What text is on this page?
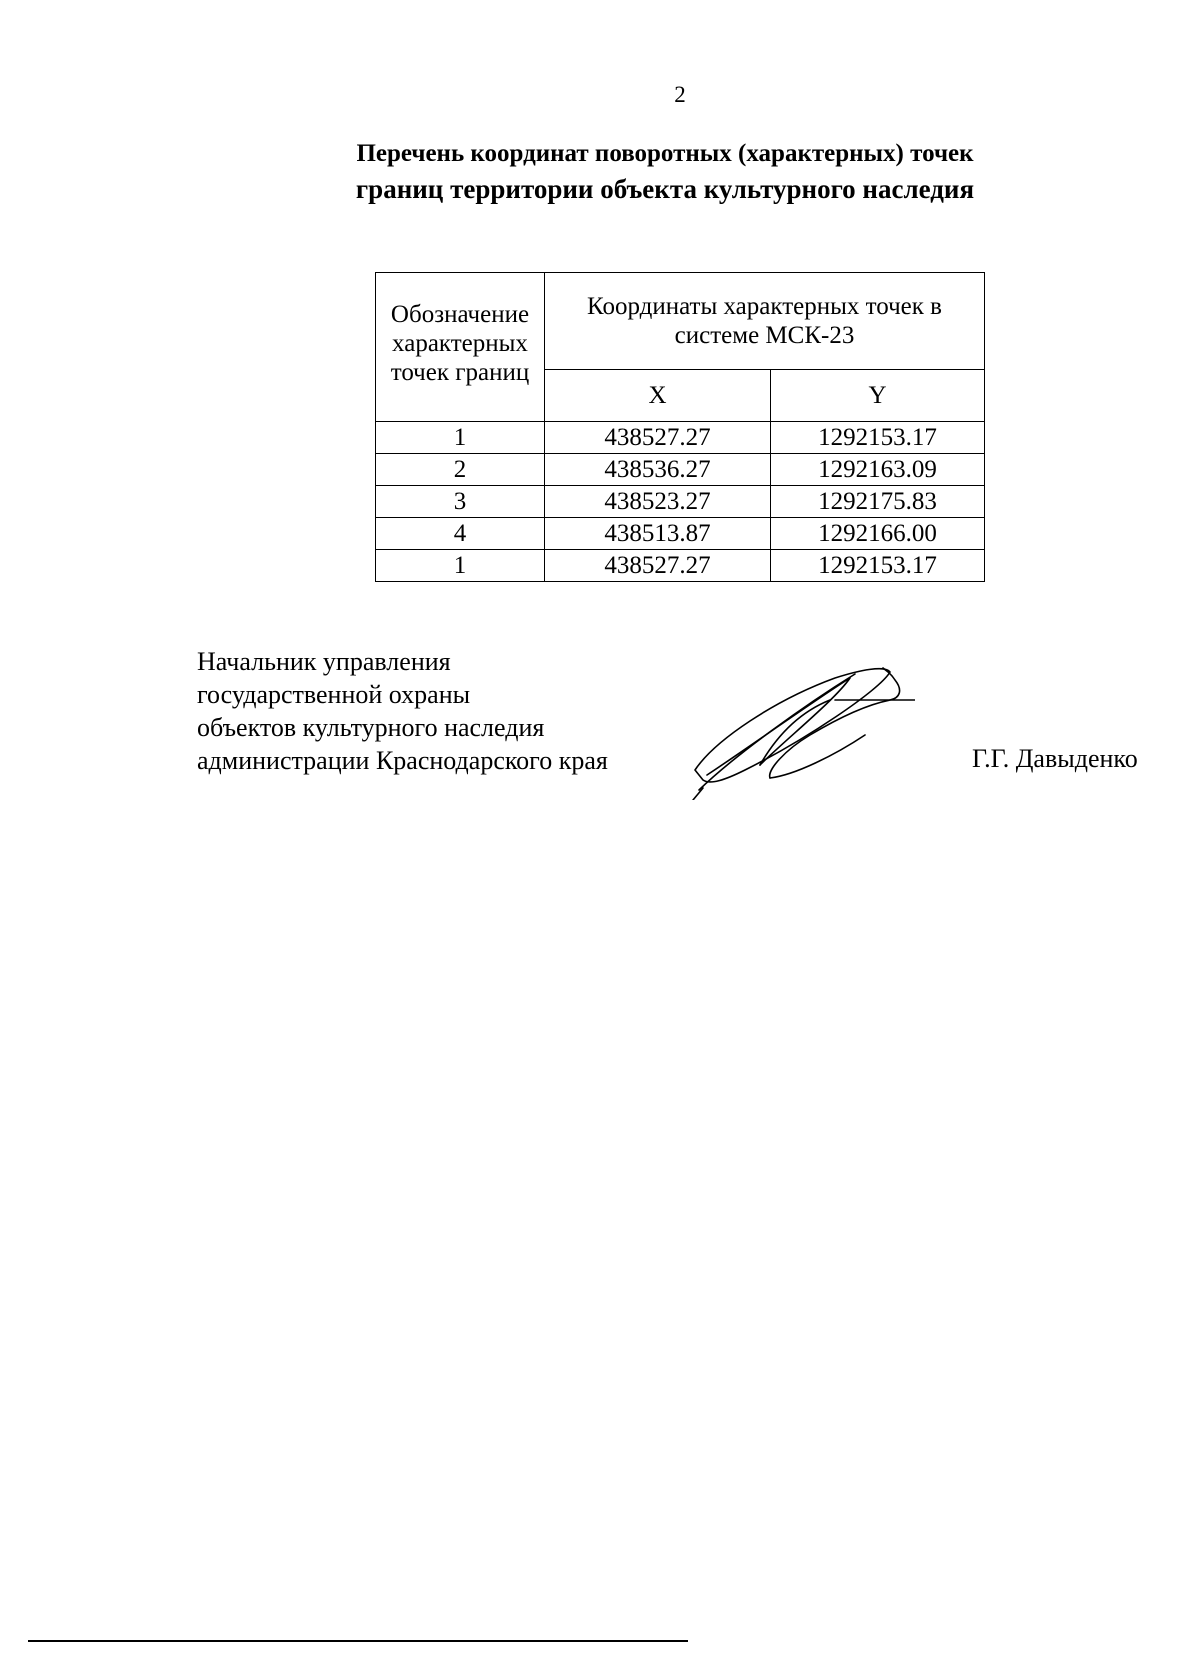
2
Перечень координат поворотных (характерных) точек
границ территории объекта культурного наследия
Обозначение характерных точек границ	Координаты характерных точек в системе МСК-23	
	X	Y
1	438527.27	1292153.17
2	438536.27	1292163.09
3	438523.27	1292175.83
4	438513.87	1292166.00
1	438527.27	1292153.17
Начальник управления
государственной охраны
объектов культурного наследия
администрации Краснодарского края	Г.Г. Давыденко
